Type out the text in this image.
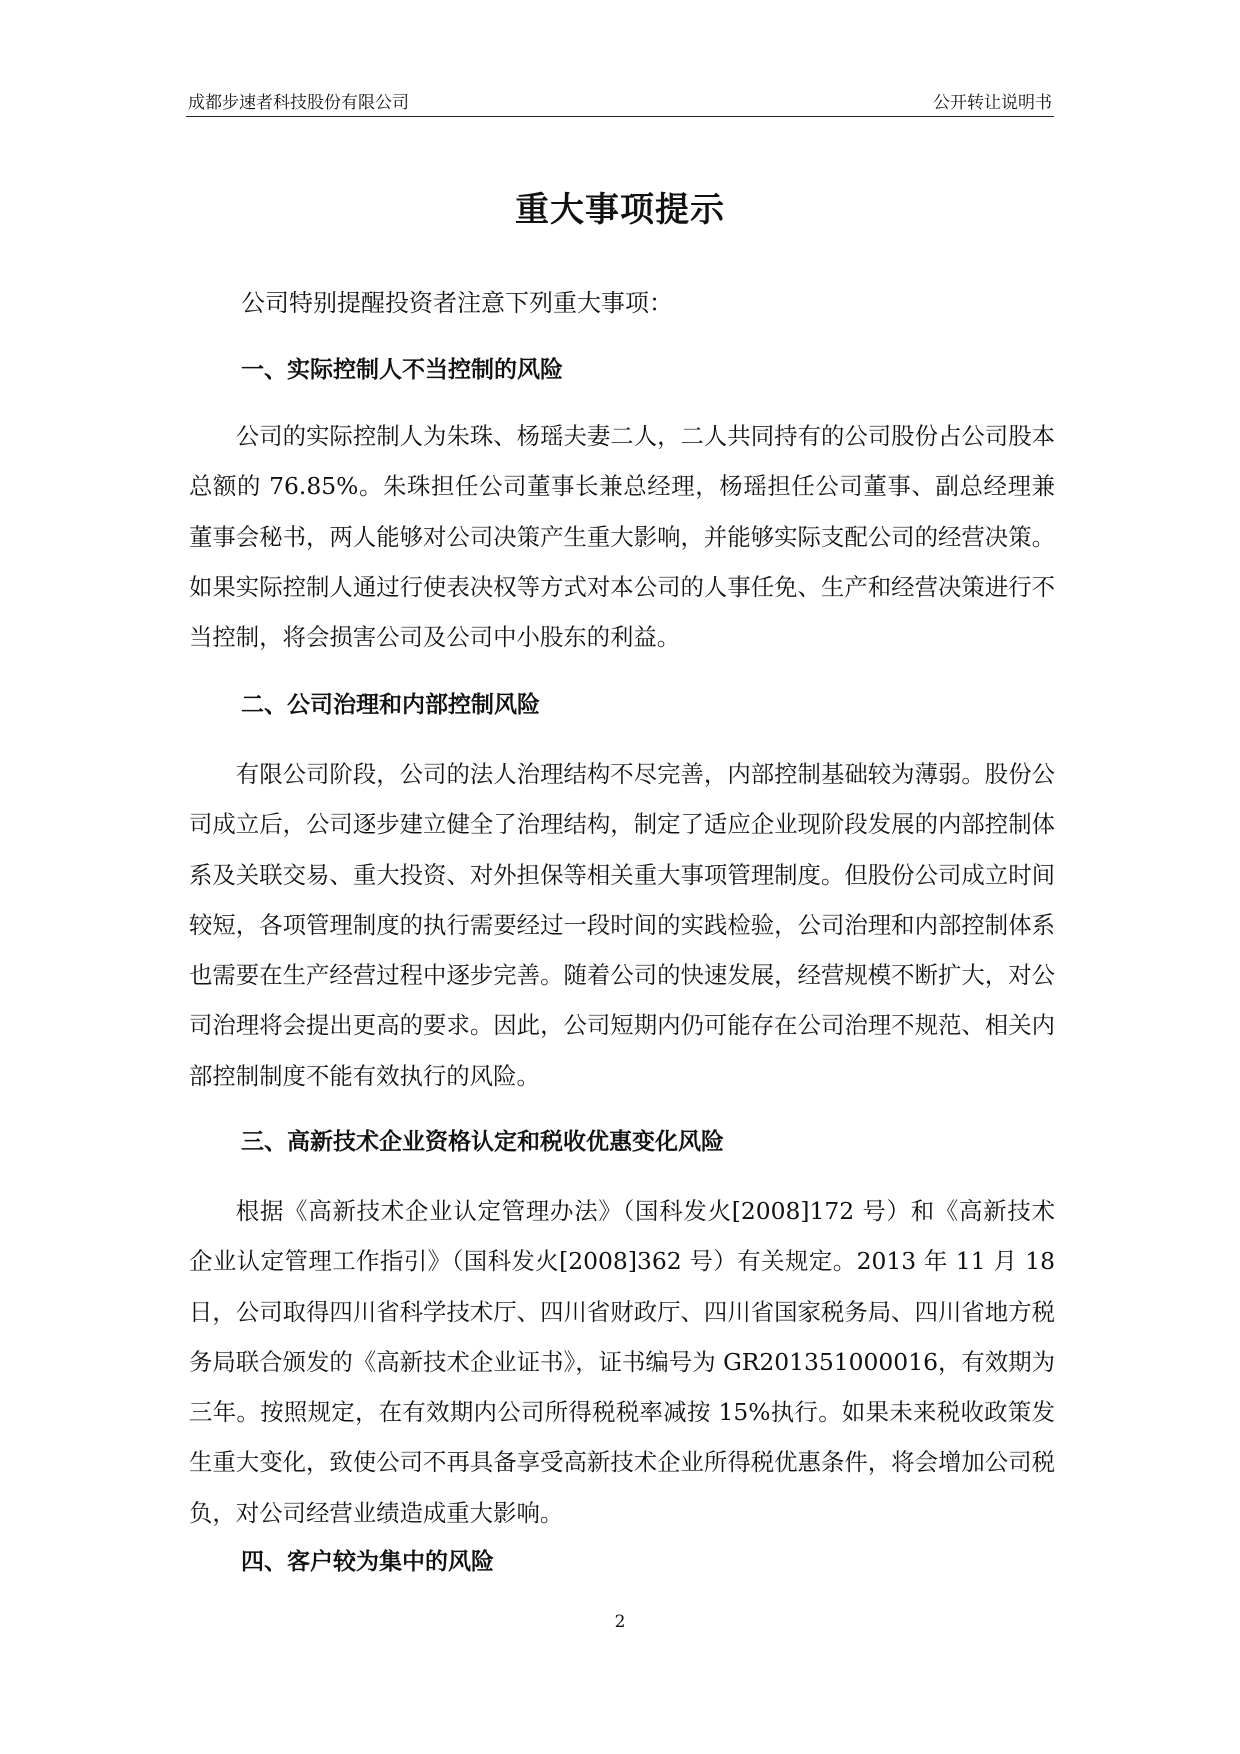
成都步速者科技股份有限公司	公开转让说明书
重大事项提示
公司特别提醒投资者注意下列重大事项：
一、实际控制人不当控制的风险

公司的实际控制人为朱珠、杨瑶夫妻二人，二人共同持有的公司股份占公司股本总额的 76.85%。朱珠担任公司董事长兼总经理，杨瑶担任公司董事、副总经理兼董事会秘书，两人能够对公司决策产生重大影响，并能够实际支配公司的经营决策。如果实际控制人通过行使表决权等方式对本公司的人事任免、生产和经营决策进行不当控制，将会损害公司及公司中小股东的利益。

二、公司治理和内部控制风险

有限公司阶段，公司的法人治理结构不尽完善，内部控制基础较为薄弱。股份公司成立后，公司逐步建立健全了治理结构，制定了适应企业现阶段发展的内部控制体系及关联交易、重大投资、对外担保等相关重大事项管理制度。但股份公司成立时间较短，各项管理制度的执行需要经过一段时间的实践检验，公司治理和内部控制体系也需要在生产经营过程中逐步完善。随着公司的快速发展，经营规模不断扩大，对公司治理将会提出更高的要求。因此，公司短期内仍可能存在公司治理不规范、相关内部控制制度不能有效执行的风险。

三、高新技术企业资格认定和税收优惠变化风险

根据《高新技术企业认定管理办法》（国科发火[2008]172 号）和《高新技术企业认定管理工作指引》（国科发火[2008]362 号）有关规定。2013 年 11 月 18 日，公司取得四川省科学技术厅、四川省财政厅、四川省国家税务局、四川省地方税务局联合颁发的《高新技术企业证书》，证书编号为 GR201351000016，有效期为三年。按照规定，在有效期内公司所得税税率减按 15%执行。如果未来税收政策发生重大变化，致使公司不再具备享受高新技术企业所得税优惠条件，将会增加公司税负，对公司经营业绩造成重大影响。

四、客户较为集中的风险
2
